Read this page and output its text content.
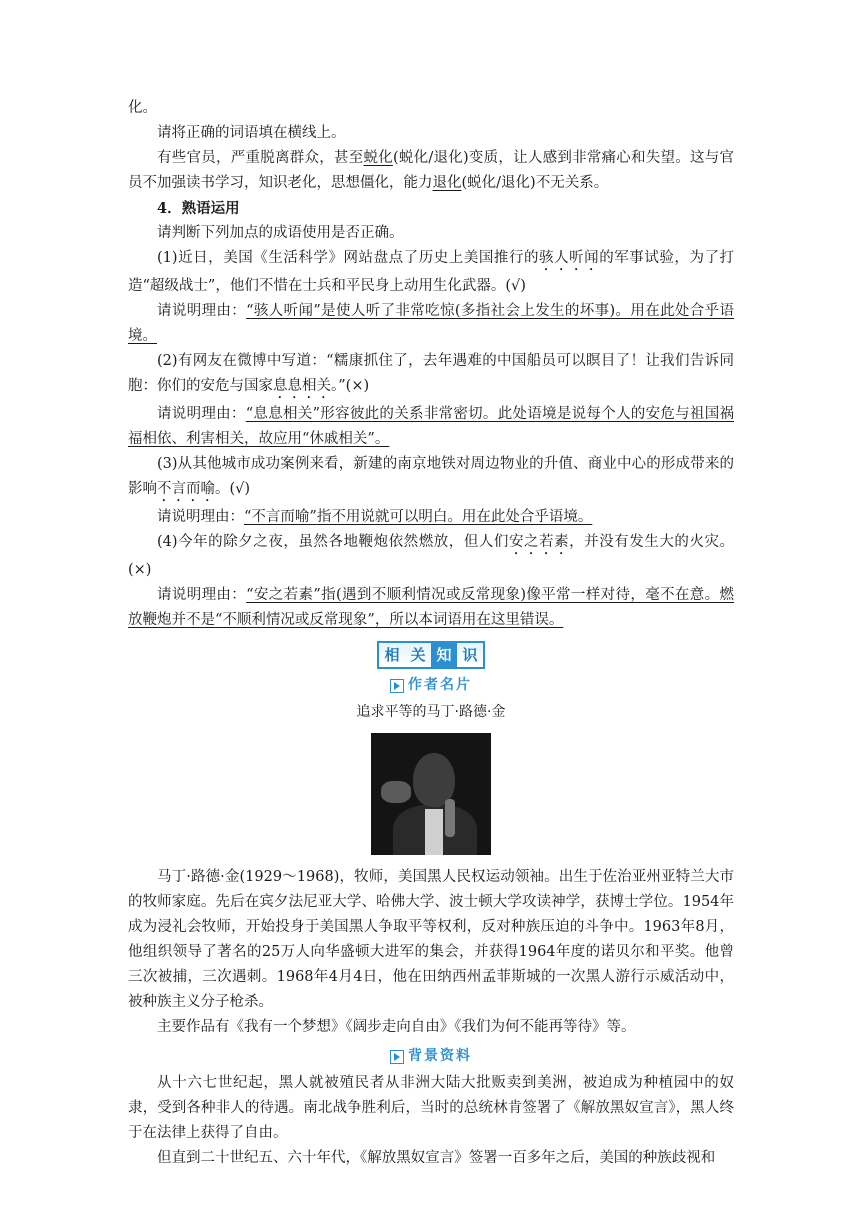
化。

请将正确的词语填在横线上。

有些官员，严重脱离群众，甚至蜕化(蜕化/退化)变质，让人感到非常痛心和失望。这与官员不加强读书学习，知识老化，思想僵化，能力退化(蜕化/退化)不无关系。

4．熟语运用

请判断下列加点的成语使用是否正确。

(1)近日，美国《生活科学》网站盘点了历史上美国推行的骇人听闻的军事试验，为了打造“超级战士”，他们不惜在士兵和平民身上动用生化武器。(√)

请说明理由：“骇人听闻”是使人听了非常吃惊(多指社会上发生的坏事)。用在此处合乎语境。

(2)有网友在微博中写道：“糯康抓住了，去年遇难的中国船员可以瞑目了！让我们告诉同胞：你们的安危与国家息息相关。”(×)

请说明理由：“息息相关”形容彼此的关系非常密切。此处语境是说每个人的安危与祖国祸福相依、利害相关，故应用“休戚相关”。

(3)从其他城市成功案例来看，新建的南京地铁对周边物业的升值、商业中心的形成带来的影响不言而喻。(√)

请说明理由：“不言而喻”指不用说就可以明白。用在此处合乎语境。

(4)今年的除夕之夜，虽然各地鞭炮依然燃放，但人们安之若素，并没有发生大的火灾。(×)

请说明理由：“安之若素”指(遇到不顺利情况或反常现象)像平常一样对待，毫不在意。燃放鞭炮并不是“不顺利情况或反常现象”，所以本词语用在这里错误。

相 关 知 识
作者名片

追求平等的马丁·路德·金

马丁·路德·金(1929～1968)，牧师，美国黑人民权运动领袖。出生于佐治亚州亚特兰大市的牧师家庭。先后在宾夕法尼亚大学、哈佛大学、波士顿大学攻读神学，获博士学位。1954年成为浸礼会牧师，开始投身于美国黑人争取平等权利，反对种族压迫的斗争中。1963年8月，他组织领导了著名的25万人向华盛顿大进军的集会，并获得1964年度的诺贝尔和平奖。他曾三次被捕，三次遇刺。1968年4月4日，他在田纳西州孟菲斯城的一次黑人游行示威活动中，被种族主义分子枪杀。

主要作品有《我有一个梦想》《阔步走向自由》《我们为何不能再等待》等。

背景资料

从十六七世纪起，黑人就被殖民者从非洲大陆大批贩卖到美洲，被迫成为种植园中的奴隶，受到各种非人的待遇。南北战争胜利后，当时的总统林肯签署了《解放黑奴宣言》，黑人终于在法律上获得了自由。

但直到二十世纪五、六十年代，《解放黑奴宣言》签署一百多年之后，美国的种族歧视和
